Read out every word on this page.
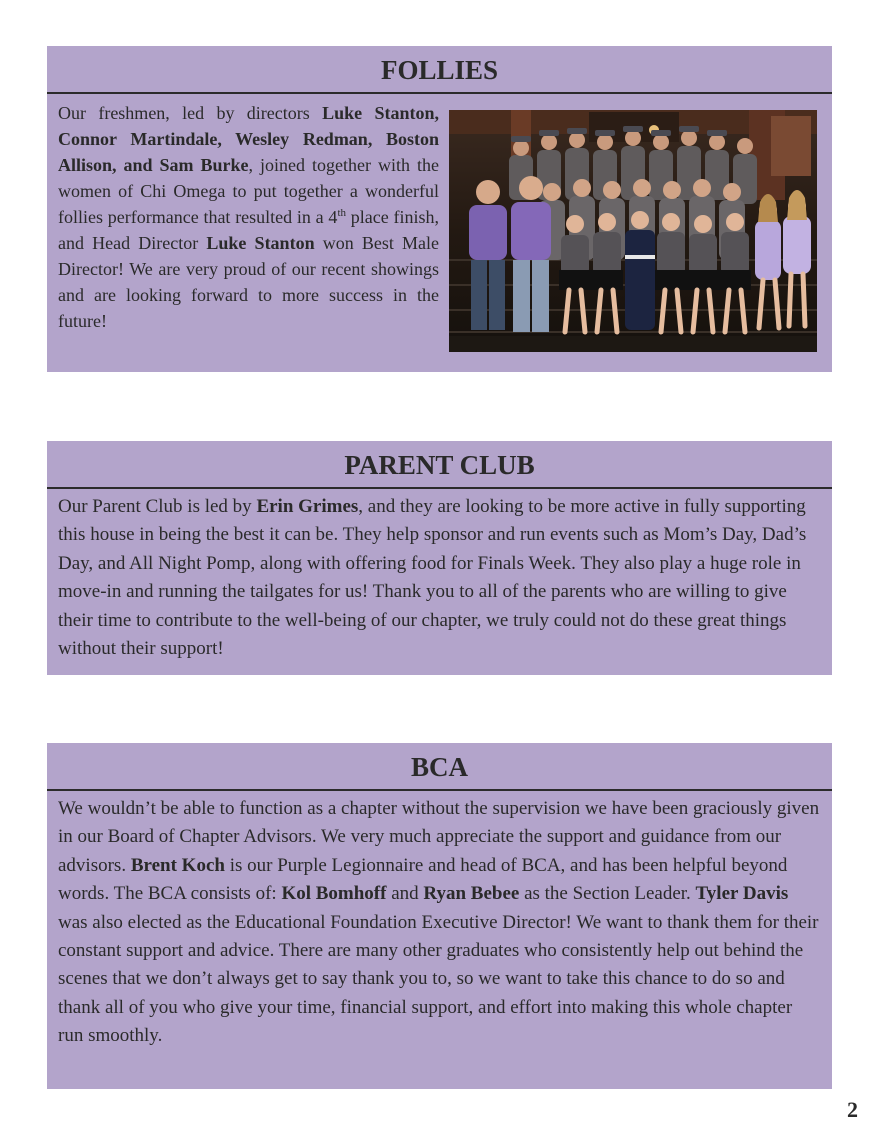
FOLLIES

Our freshmen, led by directors Luke Stanton, Connor Martindale, Wesley Redman, Boston Allison, and Sam Burke, joined together with the women of Chi Omega to put together a wonderful follies performance that resulted in a 4th place finish, and Head Director Luke Stanton won Best Male Director! We are very proud of our recent showings and are looking forward to more success in the future!

PARENT CLUB

Our Parent Club is led by Erin Grimes, and they are looking to be more active in fully supporting this house in being the best it can be. They help sponsor and run events such as Mom’s Day, Dad’s Day, and All Night Pomp, along with offering food for Finals Week. They also play a huge role in move-in and running the tailgates for us! Thank you to all of the parents who are willing to give their time to contribute to the well-being of our chapter, we truly could not do these great things without their support!

BCA

We wouldn’t be able to function as a chapter without the supervision we have been graciously given in our Board of Chapter Advisors. We very much appreciate the support and guidance from our advisors. Brent Koch is our Purple Legionnaire and head of BCA, and has been helpful beyond words. The BCA consists of: Kol Bomhoff and Ryan Bebee as the Section Leader. Tyler Davis was also elected as the Educational Foundation Executive Director! We want to thank them for their constant support and advice. There are many other graduates who consistently help out behind the scenes that we don’t always get to say thank you to, so we want to take this chance to do so and thank all of you who give your time, financial support, and effort into making this whole chapter run smoothly.

2
